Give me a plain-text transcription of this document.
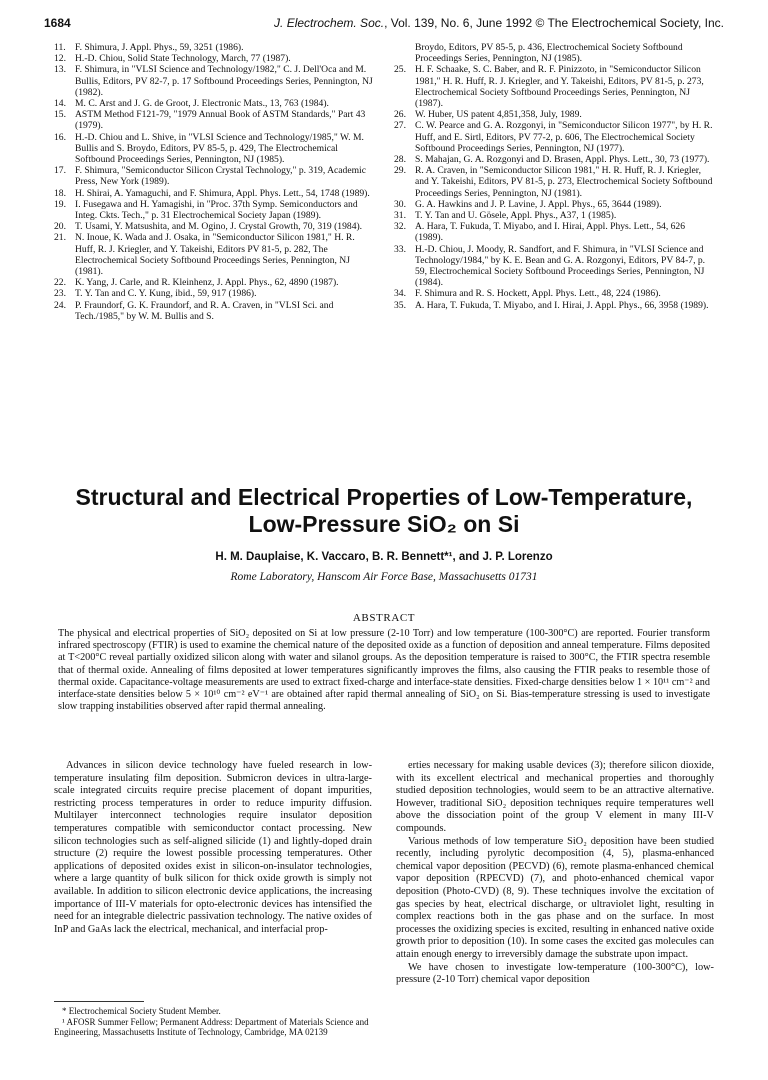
1684	J. Electrochem. Soc., Vol. 139, No. 6, June 1992 © The Electrochemical Society, Inc.
11. F. Shimura, J. Appl. Phys., 59, 3251 (1986).
12. H.-D. Chiou, Solid State Technology, March, 77 (1987).
13. F. Shimura, in "VLSI Science and Technology/1982," C. J. Dell'Oca and M. Bullis, Editors, PV 82-7, p. 17 Softbound Proceedings Series, Pennington, NJ (1982).
14. M. C. Arst and J. G. de Groot, J. Electronic Mats., 13, 763 (1984).
15. ASTM Method F121-79, "1979 Annual Book of ASTM Standards," Part 43 (1979).
16. H.-D. Chiou and L. Shive, in "VLSI Science and Technology/1985," W. M. Bullis and S. Broydo, Editors, PV 85-5, p. 429, The Electrochemical Softbound Proceedings Series, Pennington, NJ (1985).
17. F. Shimura, "Semiconductor Silicon Crystal Technology," p. 319, Academic Press, New York (1989).
18. H. Shirai, A. Yamaguchi, and F. Shimura, Appl. Phys. Lett., 54, 1748 (1989).
19. I. Fusegawa and H. Yamagishi, in "Proc. 37th Symp. Semiconductors and Integ. Ckts. Tech.," p. 31 Electrochemical Society Japan (1989).
20. T. Usami, Y. Matsushita, and M. Ogino, J. Crystal Growth, 70, 319 (1984).
21. N. Inoue, K. Wada and J. Osaka, in "Semiconductor Silicon 1981," H. R. Huff, R. J. Kriegler, and Y. Takeishi, Editors PV 81-5, p. 282, The Electrochemical Society Softbound Proceedings Series, Pennington, NJ (1981).
22. K. Yang, J. Carle, and R. Kleinhenz, J. Appl. Phys., 62, 4890 (1987).
23. T. Y. Tan and C. Y. Kung, ibid., 59, 917 (1986).
24. P. Fraundorf, G. K. Fraundorf, and R. A. Craven, in "VLSI Sci. and Tech./1985," by W. M. Bullis and S.
Broydo, Editors, PV 85-5, p. 436, Electrochemical Society Softbound Proceedings Series, Pennington, NJ (1985).
25. H. F. Schaake, S. C. Baber, and R. F. Pinizzoto, in "Semiconductor Silicon 1981," H. R. Huff, R. J. Kriegler, and Y. Takeishi, Editors, PV 81-5, p. 273, Electrochemical Society Softbound Proceedings Series, Pennington, NJ (1987).
26. W. Huber, US patent 4,851,358, July, 1989.
27. C. W. Pearce and G. A. Rozgonyi, in "Semiconductor Silicon 1977", by H. R. Huff, and E. Sirtl, Editors, PV 77-2, p. 606, The Electrochemical Society Softbound Proceedings Series, Pennington, NJ (1977).
28. S. Mahajan, G. A. Rozgonyi and D. Brasen, Appl. Phys. Lett., 30, 73 (1977).
29. R. A. Craven, in "Semiconductor Silicon 1981," H. R. Huff, R. J. Kriegler, and Y. Takeishi, Editors, PV 81-5, p. 273, Electrochemical Society Softbound Proceedings Series, Pennington, NJ (1981).
30. G. A. Hawkins and J. P. Lavine, J. Appl. Phys., 65, 3644 (1989).
31. T. Y. Tan and U. Gösele, Appl. Phys., A37, 1 (1985).
32. A. Hara, T. Fukuda, T. Miyabo, and I. Hirai, Appl. Phys. Lett., 54, 626 (1989).
33. H.-D. Chiou, J. Moody, R. Sandfort, and F. Shimura, in "VLSI Science and Technology/1984," by K. E. Bean and G. A. Rozgonyi, Editors, PV 84-7, p. 59, Electrochemical Society Softbound Proceedings Series, Pennington, NJ (1984).
34. F. Shimura and R. S. Hockett, Appl. Phys. Lett., 48, 224 (1986).
35. A. Hara, T. Fukuda, T. Miyabo, and I. Hirai, J. Appl. Phys., 66, 3958 (1989).
Structural and Electrical Properties of Low-Temperature,
Low-Pressure SiO₂ on Si
H. M. Dauplaise, K. Vaccaro, B. R. Bennett*¹, and J. P. Lorenzo
Rome Laboratory, Hanscom Air Force Base, Massachusetts 01731
ABSTRACT
The physical and electrical properties of SiO₂ deposited on Si at low pressure (2-10 Torr) and low temperature (100-300°C) are reported. Fourier transform infrared spectroscopy (FTIR) is used to examine the chemical nature of the deposited oxide as a function of deposition and anneal temperature. Films deposited at T<200°C reveal partially oxidized silicon along with water and silanol groups. As the deposition temperature is raised to 300°C, the FTIR spectra resemble that of thermal oxide. Annealing of films deposited at lower temperatures significantly improves the films, also causing the FTIR peaks to resemble those of thermal oxide. Capacitance-voltage measurements are used to extract fixed-charge and interface-state densities. Fixed-charge densities below 1 × 10¹¹ cm⁻² and interface-state densities below 5 × 10¹⁰ cm⁻² eV⁻¹ are obtained after rapid thermal annealing of SiO₂ on Si. Bias-temperature stressing is used to investigate slow trapping instabilities observed after rapid thermal annealing.

Advances in silicon device technology have fueled research in low-temperature insulating film deposition. Submicron devices in ultra-large-scale integrated circuits require precise placement of dopant impurities, restricting process temperatures in order to reduce impurity diffusion. Multilayer interconnect technologies require insulator deposition temperatures compatible with semiconductor contact processing. New silicon technologies such as self-aligned silicide (1) and lightly-doped drain structure (2) require the lowest possible processing temperatures. Other applications of deposited oxides exist in silicon-on-insulator technologies, where a large quantity of bulk silicon for thick oxide growth is simply not available. In addition to silicon electronic device applications, the increasing importance of III-V materials for opto-electronic devices has intensified the need for an integrable dielectric passivation technology. The native oxides of InP and GaAs lack the electrical, mechanical, and interfacial prop-

erties necessary for making usable devices (3); therefore silicon dioxide, with its excellent electrical and mechanical properties and thoroughly studied deposition technologies, would seem to be an attractive alternative. However, traditional SiO₂ deposition techniques require temperatures well above the dissociation point of the group V element in many III-V compounds.

Various methods of low temperature SiO₂ deposition have been studied recently, including pyrolytic decomposition (4, 5), plasma-enhanced chemical vapor deposition (PECVD) (6), remote plasma-enhanced chemical vapor deposition (RPECVD) (7), and photo-enhanced chemical vapor deposition (Photo-CVD) (8, 9). These techniques involve the excitation of gas species by heat, electrical discharge, or ultraviolet light, resulting in complex reactions both in the gas phase and on the surface. In most processes the oxidizing species is excited, resulting in enhanced native oxide growth prior to deposition (10). In some cases the excited gas molecules can attain enough energy to irreversibly damage the substrate upon impact.

We have chosen to investigate low-temperature (100-300°C), low-pressure (2-10 Torr) chemical vapor deposition

* Electrochemical Society Student Member.

¹ AFOSR Summer Fellow; Permanent Address: Department of Materials Science and Engineering, Massachusetts Institute of Technology, Cambridge, MA 02139
